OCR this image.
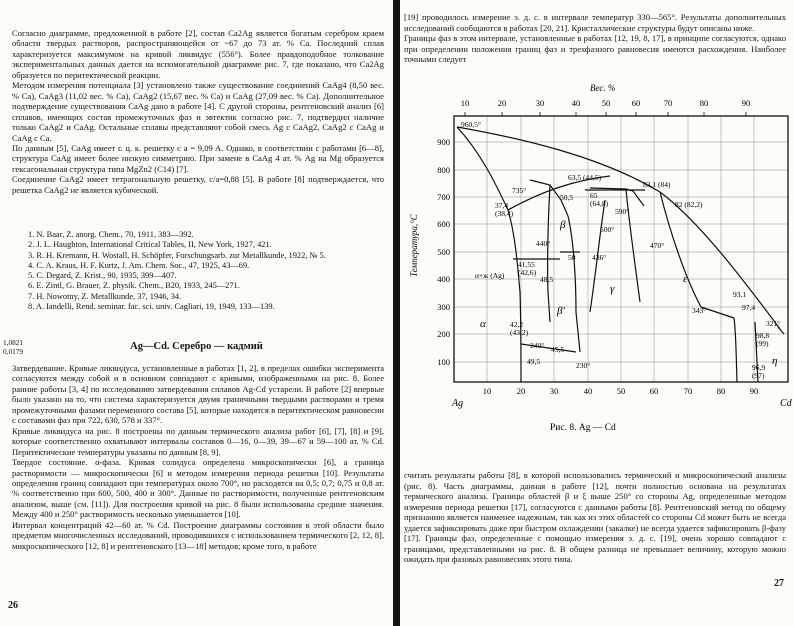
Согласно диаграмме, предложенной в работе [2], состав Ca2Ag является богатым серебром краем области твердых растворов, распространяющейся от ~67 до 73 ат. % Ca. Последний сплав характеризуется максимумом на кривой ликвидус (556°). Более правдоподобное толкование экспериментальных данных дается на вспомогательной диаграмме рис. 7, где показано, что Ca2Ag образуется по перитектической реакции.
Методом измерения потенциала [3] установлено также существование соединений CaAg4 (8,50 вес. % Ca), CaAg3 (11,02 вес. % Ca), CaAg2 (15,67 вес. % Ca) и CaAg (27,09 вес. % Ca). Дополнительное подтверждение существования CaAg дано в работе [4]. С другой стороны, рентгеновский анализ [6] сплавов, имеющих состав промежуточных фаз и эвтектик согласно рис. 7, подтвердил наличие только CaAg2 и CaAg. Остальные сплавы представляют собой смесь Ag с CaAg2, CaAg2 с CaAg и CaAg с Ca.
По данным [5], CaAg имеет г. ц. к. решетку с a = 9,09 A. Однако, в соответствии с работами [6—8], структура CaAg имеет более низкую симметрию. При замене в CaAg 4 ат. % Ag на Mg образуется гексагональная структура типа MgZn2 (C14) [7].
Соединение CaAg2 имеет тетрагональную решетку, c/a=0,88 [5]. В работе [8] подтверждается, что решетка CaAg2 не является кубической.
1. N. Baar, Z. anorg. Chem., 70, 1911, 383—392.
2. J. L. Haughton, International Critical Tables, II, New York, 1927, 421.
3. R. H. Kremann, H. Wostall, H. Schöpfer, Forschungsarb. zur Metallkunde, 1922, № 5.
4. C. A. Kraus, H. F. Kurtz, J. Am. Chem. Soc., 47, 1925, 43—69.
5. C. Degard, Z. Krist., 90, 1935, 399—407.
6. E. Zintl, G. Brauer, Z. physik. Chem., B20, 1933, 245—271.
7. H. Nowotny, Z. Metallkunde, 37, 1946, 34.
8. A. Iandelli, Rend. seminar. fac. sci. univ. Cagliari, 19, 1949, 133—139.
1,0821
0,0179	Ag—Cd. Серебро — кадмий
Затвердевание. Кривые ликвидуса, установленные в работах [1, 2], в пределах ошибки эксперимента согласуются между собой и в основном совпадают с кривыми, изображенными на рис. 8. Более ранние работы [3, 4] по исследованию затвердевания сплавов Ag-Cd устарели. В работе [2] впервые было указано на то, что система характеризуется двумя граничными твердыми растворами и тремя промежуточными фазами переменного состава [5], которые находятся в перитектическом равновесии с составами фаз при 722, 630, 578 и 337°.
Кривые ликвидуса на рис. 8 построены по данным термического анализа работ [6], [7], [8] и [9], которые соответственно охватывают интервалы составов 0—16, 0—39, 39—67 и 59—100 ат. % Cd. Перитектические температуры указаны по данным [8, 9].
Твердое состояние. α-фаза. Кривая солидуса определена микроскопически [6], а граница растворимости — микроскопически [6] и методом измерения периода решетки [10]. Результаты определения границ совпадают при температурах около 700°, но расходятся на 0,5; 0,7; 0,75 и 0,8 ат. % соответственно при 600, 500, 400 и 300°. Данные по растворимости, полученные рентгеновским анализом, выше (см. [11]). Для построения кривой на рис. 8 были использованы средние значения. Между 400 и 250° растворимость несколько уменьшается [10].
Интервал концентраций 42—60 ат. % Cd. Построение диаграммы состояния в этой области было предметом многочисленных исследований, проводившихся с использованием термического [2, 12, 8], микроскопического [12, 8] и рентгеновского [13—18] методов; кроме того, в работе
26
[19] проводилось измерение э. д. с. в интервале температур 330—565°. Результаты дополнительных исследований сообщаются в работах [20, 21]. Кристаллические структуры будут описаны ниже.
Границы фаз в этом интервале, установленные в работах [12, 19, 8, 17], в принципе согласуются, однако при определении положения границ фаз и трехфазного равновесия имеются расхождения. Наиболее точными следует
Вес. %
10	20	30	40	50	60	70	80	90
Температура,°С
900
800
700
600
500
400
300
200
100
10	20	30	40	50	60	70	80	90
Ag	Cd
960,5°
735°
37,4 (38,4)
63,5 (44,5)
50,5 65 (64,8)
83,1 (84)
82 (82,2)
590°
500°
470°
436°
440°
41,55 (42,6)
48,5
50
343°
93,1
97,4
321°
98,8 (99)
42,2 (43,2)
240°
49,5
45,5
230°	96,9 (97)
α+ж (Ag)
α
β
β'
γ
ε
η
Рис. 8. Ag — Cd
считать результаты работы [8], в которой использовались термический и микроскопический анализы (рис. 8). Часть диаграммы, данная в работе [12], почти полностью основана на результатах термического анализа. Границы областей β и ξ выше 250° со стороны Ag, определенные методом измерения периода решетки [17], согласуются с данными работы [8]. Рентгеновский метод по общему признанию является наименее надежным, так как из этих областей со стороны Cd может быть не всегда удается зафиксировать даже при быстром охлаждении (закалке) не всегда удается зафиксировать β-фазу [17]. Границы фаз, определенные с помощью измерения э. д. с. [19], очень хорошо совпадают с границами, представленными на рис. 8. В общем разница не превышает величину, которую можно ожидать при фазовых равновесиях этого типа.
27
